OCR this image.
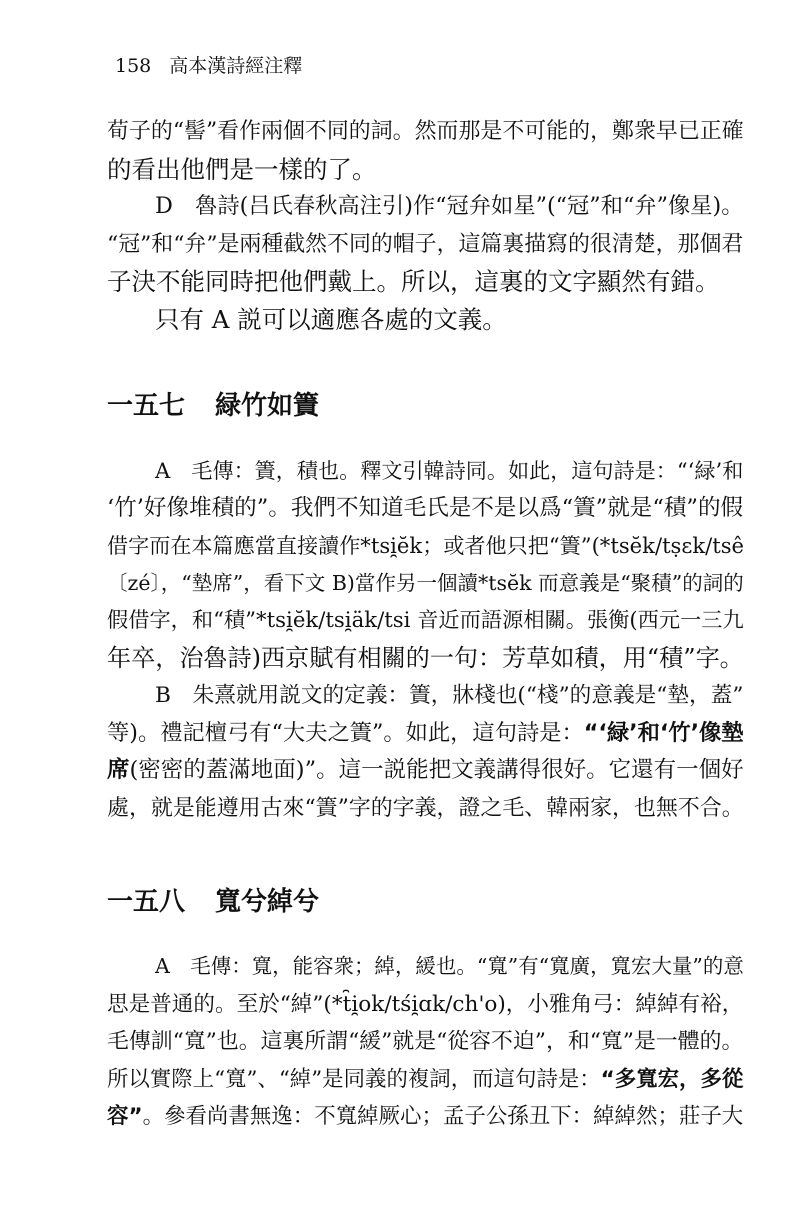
158 高本漢詩經注釋

荀子的“髻”看作兩個不同的詞。然而那是不可能的，鄭衆早已正確

的看出他們是一樣的了。

D　魯詩(吕氏春秋高注引)作“冠弁如星”(“冠”和“弁”像星)。

“冠”和“弁”是兩種截然不同的帽子，這篇裏描寫的很清楚，那個君

子決不能同時把他們戴上。所以，這裏的文字顯然有錯。

只有 A 説可以適應各處的文義。

一五七 緑竹如簀

A　毛傳：簀，積也。釋文引韓詩同。如此，這句詩是：“‘緑’和

‘竹’好像堆積的”。我們不知道毛氏是不是以爲“簀”就是“積”的假

借字而在本篇應當直接讀作*tsi̯ĕk；或者他只把“簀”(*tsĕk/tṣɛk/tsê

〔zé〕，“墊席”，看下文 B)當作另一個讀*tsĕk 而意義是“聚積”的詞的

假借字，和“積”*tsi̯ĕk/tsi̯äk/tsi 音近而語源相關。張衡(西元一三九

年卒，治魯詩)西京賦有相關的一句：芳草如積，用“積”字。

B　朱熹就用説文的定義：簀，牀棧也(“棧”的意義是“墊，蓋”

等)。禮記檀弓有“大夫之簀”。如此，這句詩是：“‘緑’和‘竹’像墊

席(密密的蓋滿地面)”。這一説能把文義講得很好。它還有一個好

處，就是能遵用古來“簀”字的字義，證之毛、韓兩家，也無不合。

一五八 寬兮綽兮

A　毛傳：寬，能容衆；綽，緩也。“寬”有“寬廣，寬宏大量”的意

思是普通的。至於“綽”(*t̑i̯ok/tśi̯ɑk/ch'o)，小雅角弓：綽綽有裕，

毛傳訓“寬”也。這裏所謂“緩”就是“從容不迫”，和“寬”是一體的。

所以實際上“寬”、“綽”是同義的複詞，而這句詩是：“多寬宏，多從

容”。參看尚書無逸：不寬綽厥心；孟子公孫丑下：綽綽然；莊子大
